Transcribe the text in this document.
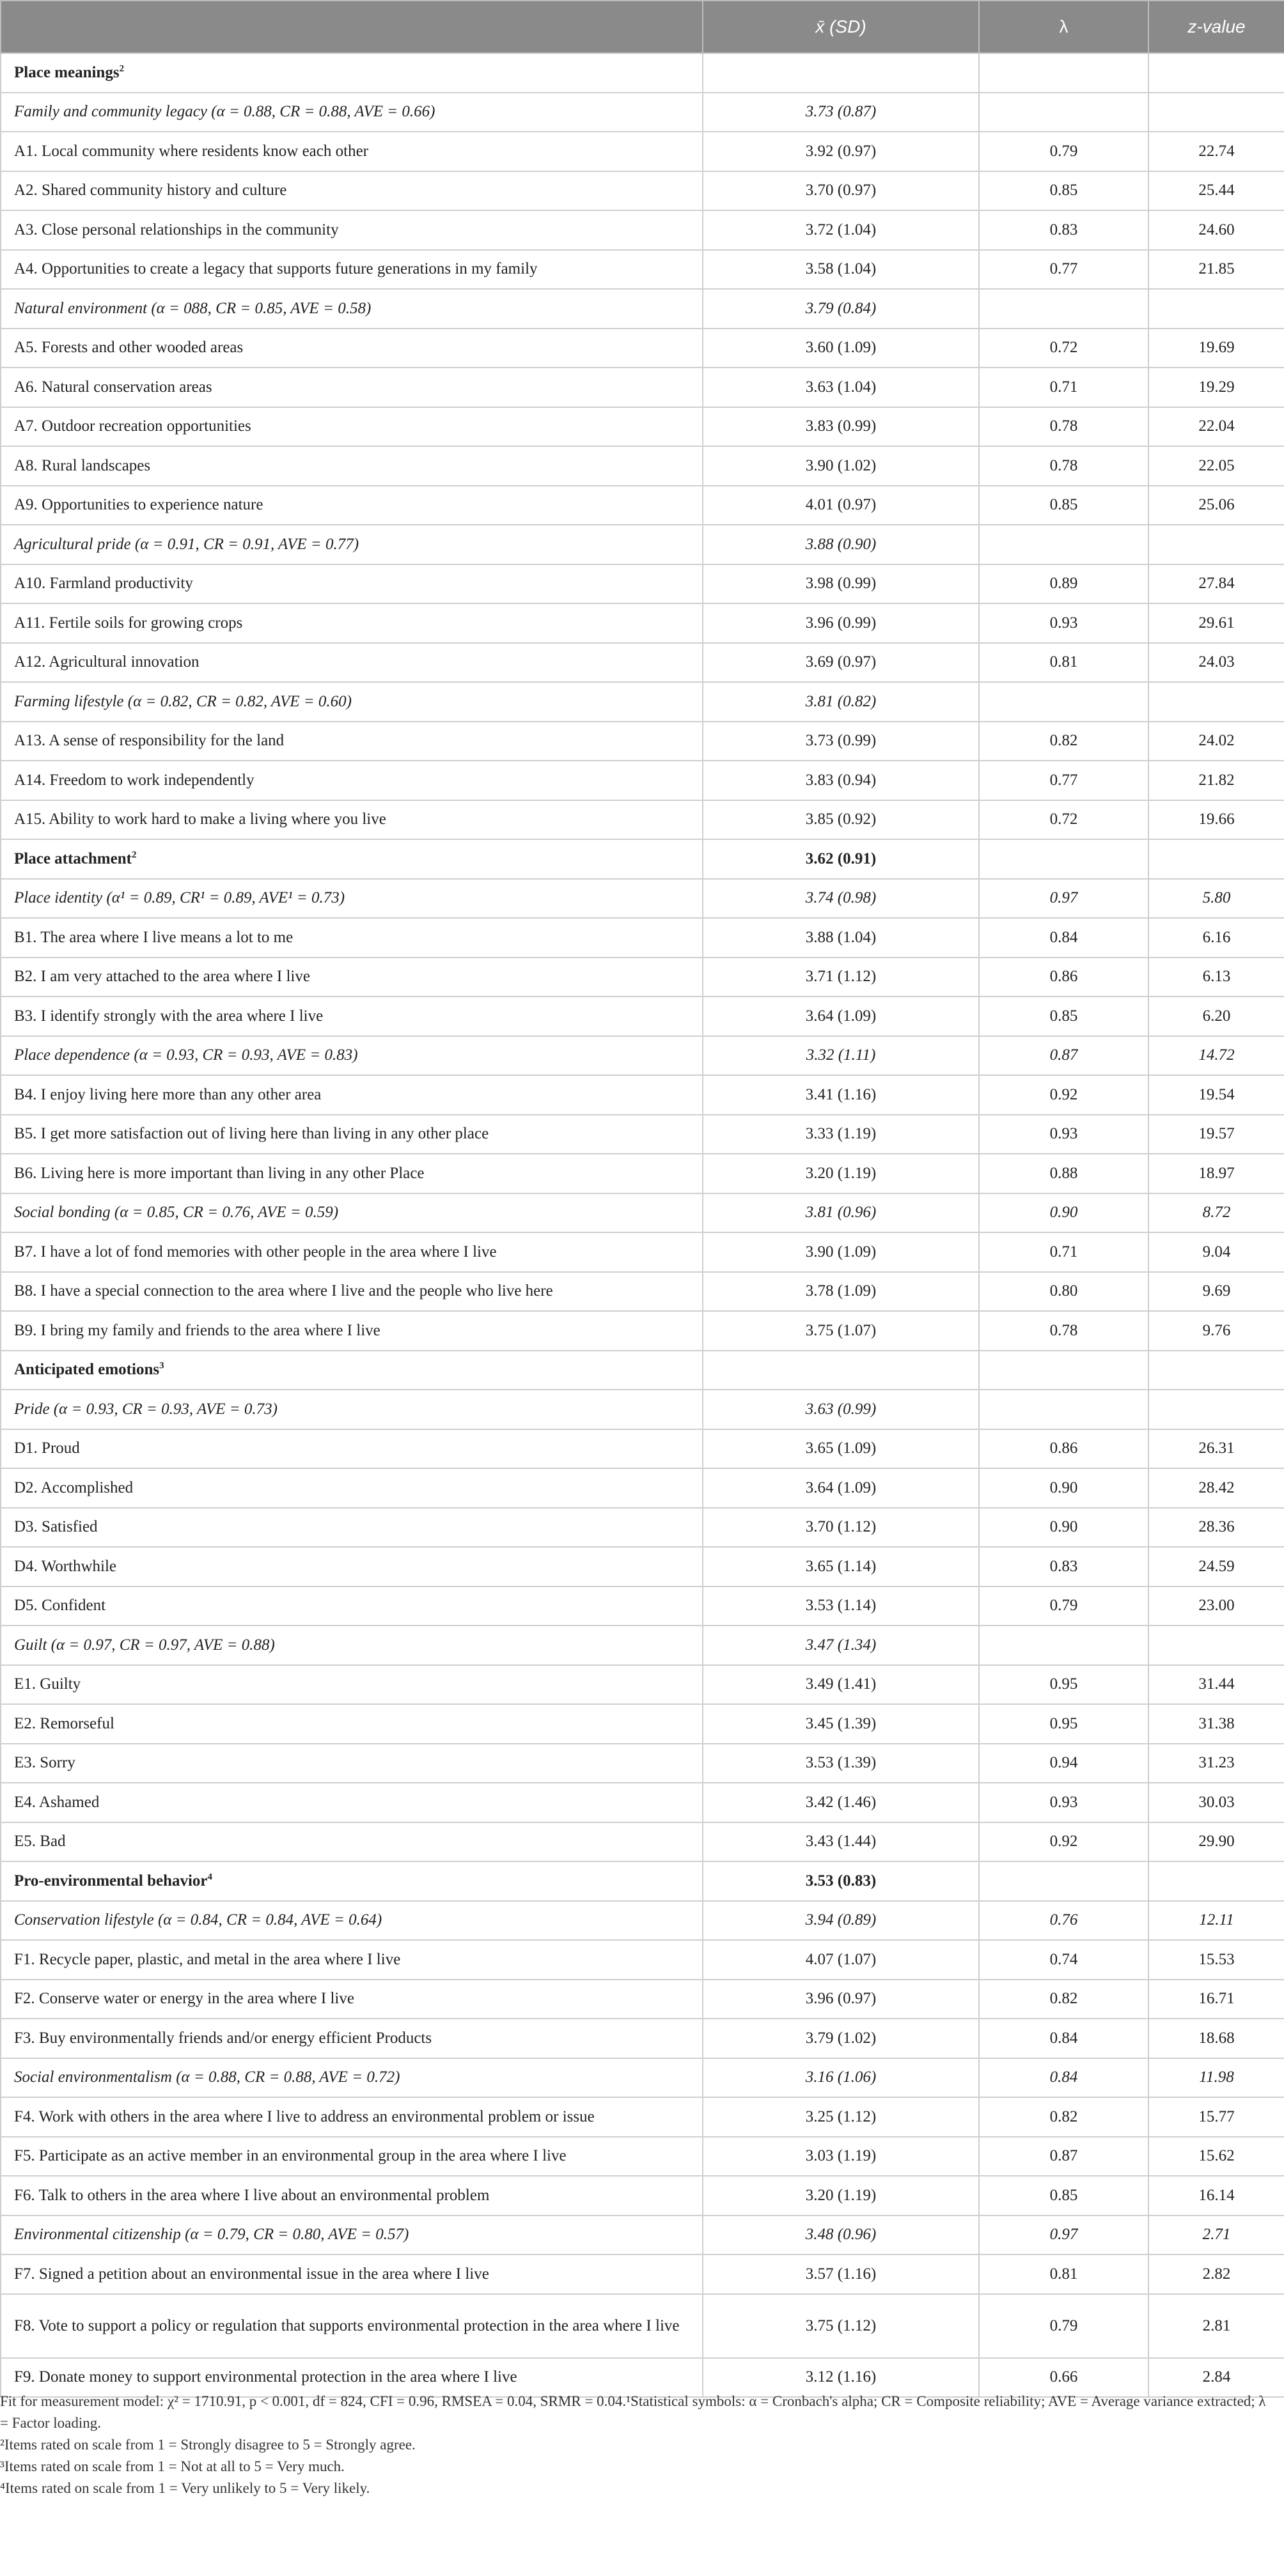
	x̄ (SD)	λ	z-value
Place meanings$^2$			
Family and community legacy (α = 0.88, CR = 0.88, AVE = 0.66)	3.73 (0.87)		
A1. Local community where residents know each other	3.92 (0.97)	0.79	22.74
A2. Shared community history and culture	3.70 (0.97)	0.85	25.44
A3. Close personal relationships in the community	3.72 (1.04)	0.83	24.60
A4. Opportunities to create a legacy that supports future generations in my family	3.58 (1.04)	0.77	21.85
Natural environment (α = 088, CR = 0.85, AVE = 0.58)	3.79 (0.84)		
A5. Forests and other wooded areas	3.60 (1.09)	0.72	19.69
A6. Natural conservation areas	3.63 (1.04)	0.71	19.29
A7. Outdoor recreation opportunities	3.83 (0.99)	0.78	22.04
A8. Rural landscapes	3.90 (1.02)	0.78	22.05
A9. Opportunities to experience nature	4.01 (0.97)	0.85	25.06
Agricultural pride (α = 0.91, CR = 0.91, AVE = 0.77)	3.88 (0.90)		
A10. Farmland productivity	3.98 (0.99)	0.89	27.84
A11. Fertile soils for growing crops	3.96 (0.99)	0.93	29.61
A12. Agricultural innovation	3.69 (0.97)	0.81	24.03
Farming lifestyle (α = 0.82, CR = 0.82, AVE = 0.60)	3.81 (0.82)		
A13. A sense of responsibility for the land	3.73 (0.99)	0.82	24.02
A14. Freedom to work independently	3.83 (0.94)	0.77	21.82
A15. Ability to work hard to make a living where you live	3.85 (0.92)	0.72	19.66
Place attachment$^2$	3.62 (0.91)		
Place identity (α¹ = 0.89, CR¹ = 0.89, AVE¹ = 0.73)	3.74 (0.98)	0.97	5.80
B1. The area where I live means a lot to me	3.88 (1.04)	0.84	6.16
B2. I am very attached to the area where I live	3.71 (1.12)	0.86	6.13
B3. I identify strongly with the area where I live	3.64 (1.09)	0.85	6.20
Place dependence (α = 0.93, CR = 0.93, AVE = 0.83)	3.32 (1.11)	0.87	14.72
B4. I enjoy living here more than any other area	3.41 (1.16)	0.92	19.54
B5. I get more satisfaction out of living here than living in any other place	3.33 (1.19)	0.93	19.57
B6. Living here is more important than living in any other Place	3.20 (1.19)	0.88	18.97
Social bonding (α = 0.85, CR = 0.76, AVE = 0.59)	3.81 (0.96)	0.90	8.72
B7. I have a lot of fond memories with other people in the area where I live	3.90 (1.09)	0.71	9.04
B8. I have a special connection to the area where I live and the people who live here	3.78 (1.09)	0.80	9.69
B9. I bring my family and friends to the area where I live	3.75 (1.07)	0.78	9.76
Anticipated emotions$^3$			
Pride (α = 0.93, CR = 0.93, AVE = 0.73)	3.63 (0.99)		
D1. Proud	3.65 (1.09)	0.86	26.31
D2. Accomplished	3.64 (1.09)	0.90	28.42
D3. Satisfied	3.70 (1.12)	0.90	28.36
D4. Worthwhile	3.65 (1.14)	0.83	24.59
D5. Confident	3.53 (1.14)	0.79	23.00
Guilt (α = 0.97, CR = 0.97, AVE = 0.88)	3.47 (1.34)		
E1. Guilty	3.49 (1.41)	0.95	31.44
E2. Remorseful	3.45 (1.39)	0.95	31.38
E3. Sorry	3.53 (1.39)	0.94	31.23
E4. Ashamed	3.42 (1.46)	0.93	30.03
E5. Bad	3.43 (1.44)	0.92	29.90
Pro-environmental behavior$^4$	3.53 (0.83)		
Conservation lifestyle (α = 0.84, CR = 0.84, AVE = 0.64)	3.94 (0.89)	0.76	12.11
F1. Recycle paper, plastic, and metal in the area where I live	4.07 (1.07)	0.74	15.53
F2. Conserve water or energy in the area where I live	3.96 (0.97)	0.82	16.71
F3. Buy environmentally friends and/or energy efficient Products	3.79 (1.02)	0.84	18.68
Social environmentalism (α = 0.88, CR = 0.88, AVE = 0.72)	3.16 (1.06)	0.84	11.98
F4. Work with others in the area where I live to address an environmental problem or issue	3.25 (1.12)	0.82	15.77
F5. Participate as an active member in an environmental group in the area where I live	3.03 (1.19)	0.87	15.62
F6. Talk to others in the area where I live about an environmental problem	3.20 (1.19)	0.85	16.14
Environmental citizenship (α = 0.79, CR = 0.80, AVE = 0.57)	3.48 (0.96)	0.97	2.71
F7. Signed a petition about an environmental issue in the area where I live	3.57 (1.16)	0.81	2.82
F8. Vote to support a policy or regulation that supports environmental protection in the area where I live	3.75 (1.12)	0.79	2.81
F9. Donate money to support environmental protection in the area where I live	3.12 (1.16)	0.66	2.84

Fit for measurement model: χ² = 1710.91, p < 0.001, df = 824, CFI = 0.96, RMSEA = 0.04, SRMR = 0.04.¹Statistical symbols: α = Cronbach's alpha; CR = Composite reliability; AVE = Average variance extracted; λ = Factor loading.

²Items rated on scale from 1 = Strongly disagree to 5 = Strongly agree.

³Items rated on scale from 1 = Not at all to 5 = Very much.

⁴Items rated on scale from 1 = Very unlikely to 5 = Very likely.
